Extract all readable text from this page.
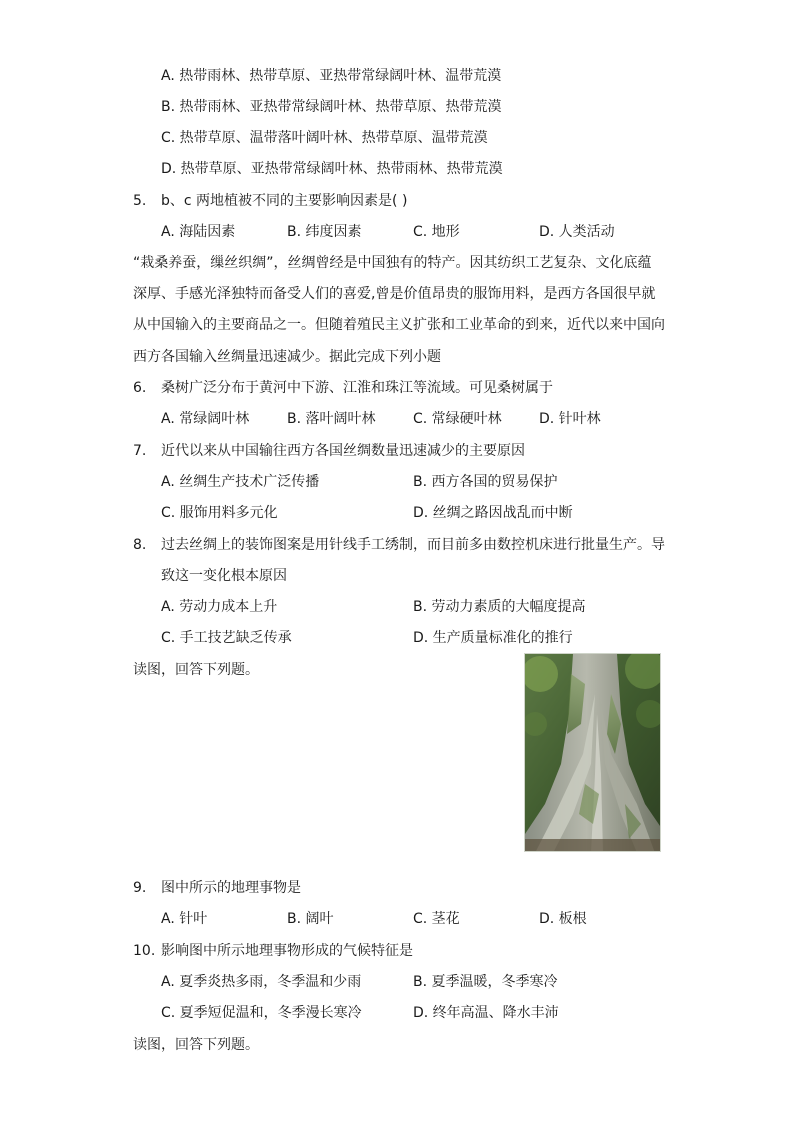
A. 热带雨林、热带草原、亚热带常绿阔叶林、温带荒漠
B. 热带雨林、亚热带常绿阔叶林、热带草原、热带荒漠
C. 热带草原、温带落叶阔叶林、热带草原、温带荒漠
D. 热带草原、亚热带常绿阔叶林、热带雨林、热带荒漠
5. b、c 两地植被不同的主要影响因素是( )
A. 海陆因素	B. 纬度因素	C. 地形	D. 人类活动
“栽桑养蚕，缫丝织绸”，丝绸曾经是中国独有的特产。因其纺织工艺复杂、文化底蕴
深厚、手感光泽独特而备受人们的喜爱,曾是价值昂贵的服饰用料，是西方各国很早就
从中国输入的主要商品之一。但随着殖民主义扩张和工业革命的到来，近代以来中国向
西方各国输入丝绸量迅速减少。据此完成下列小题
6. 桑树广泛分布于黄河中下游、江淮和珠江等流域。可见桑树属于
A. 常绿阔叶林	B. 落叶阔叶林	C. 常绿硬叶林	D. 针叶林
7. 近代以来从中国输往西方各国丝绸数量迅速减少的主要原因
A. 丝绸生产技术广泛传播	B. 西方各国的贸易保护
C. 服饰用料多元化	D. 丝绸之路因战乱而中断
8. 过去丝绸上的装饰图案是用针线手工绣制，而目前多由数控机床进行批量生产。导
致这一变化根本原因
A. 劳动力成本上升	B. 劳动力素质的大幅度提高
C. 手工技艺缺乏传承	D. 生产质量标准化的推行
读图，回答下列题。
9. 图中所示的地理事物是
A. 针叶	B. 阔叶	C. 茎花	D. 板根
10. 影响图中所示地理事物形成的气候特征是
A. 夏季炎热多雨，冬季温和少雨	B. 夏季温暖，冬季寒冷
C. 夏季短促温和，冬季漫长寒冷	D. 终年高温、降水丰沛
读图，回答下列题。
